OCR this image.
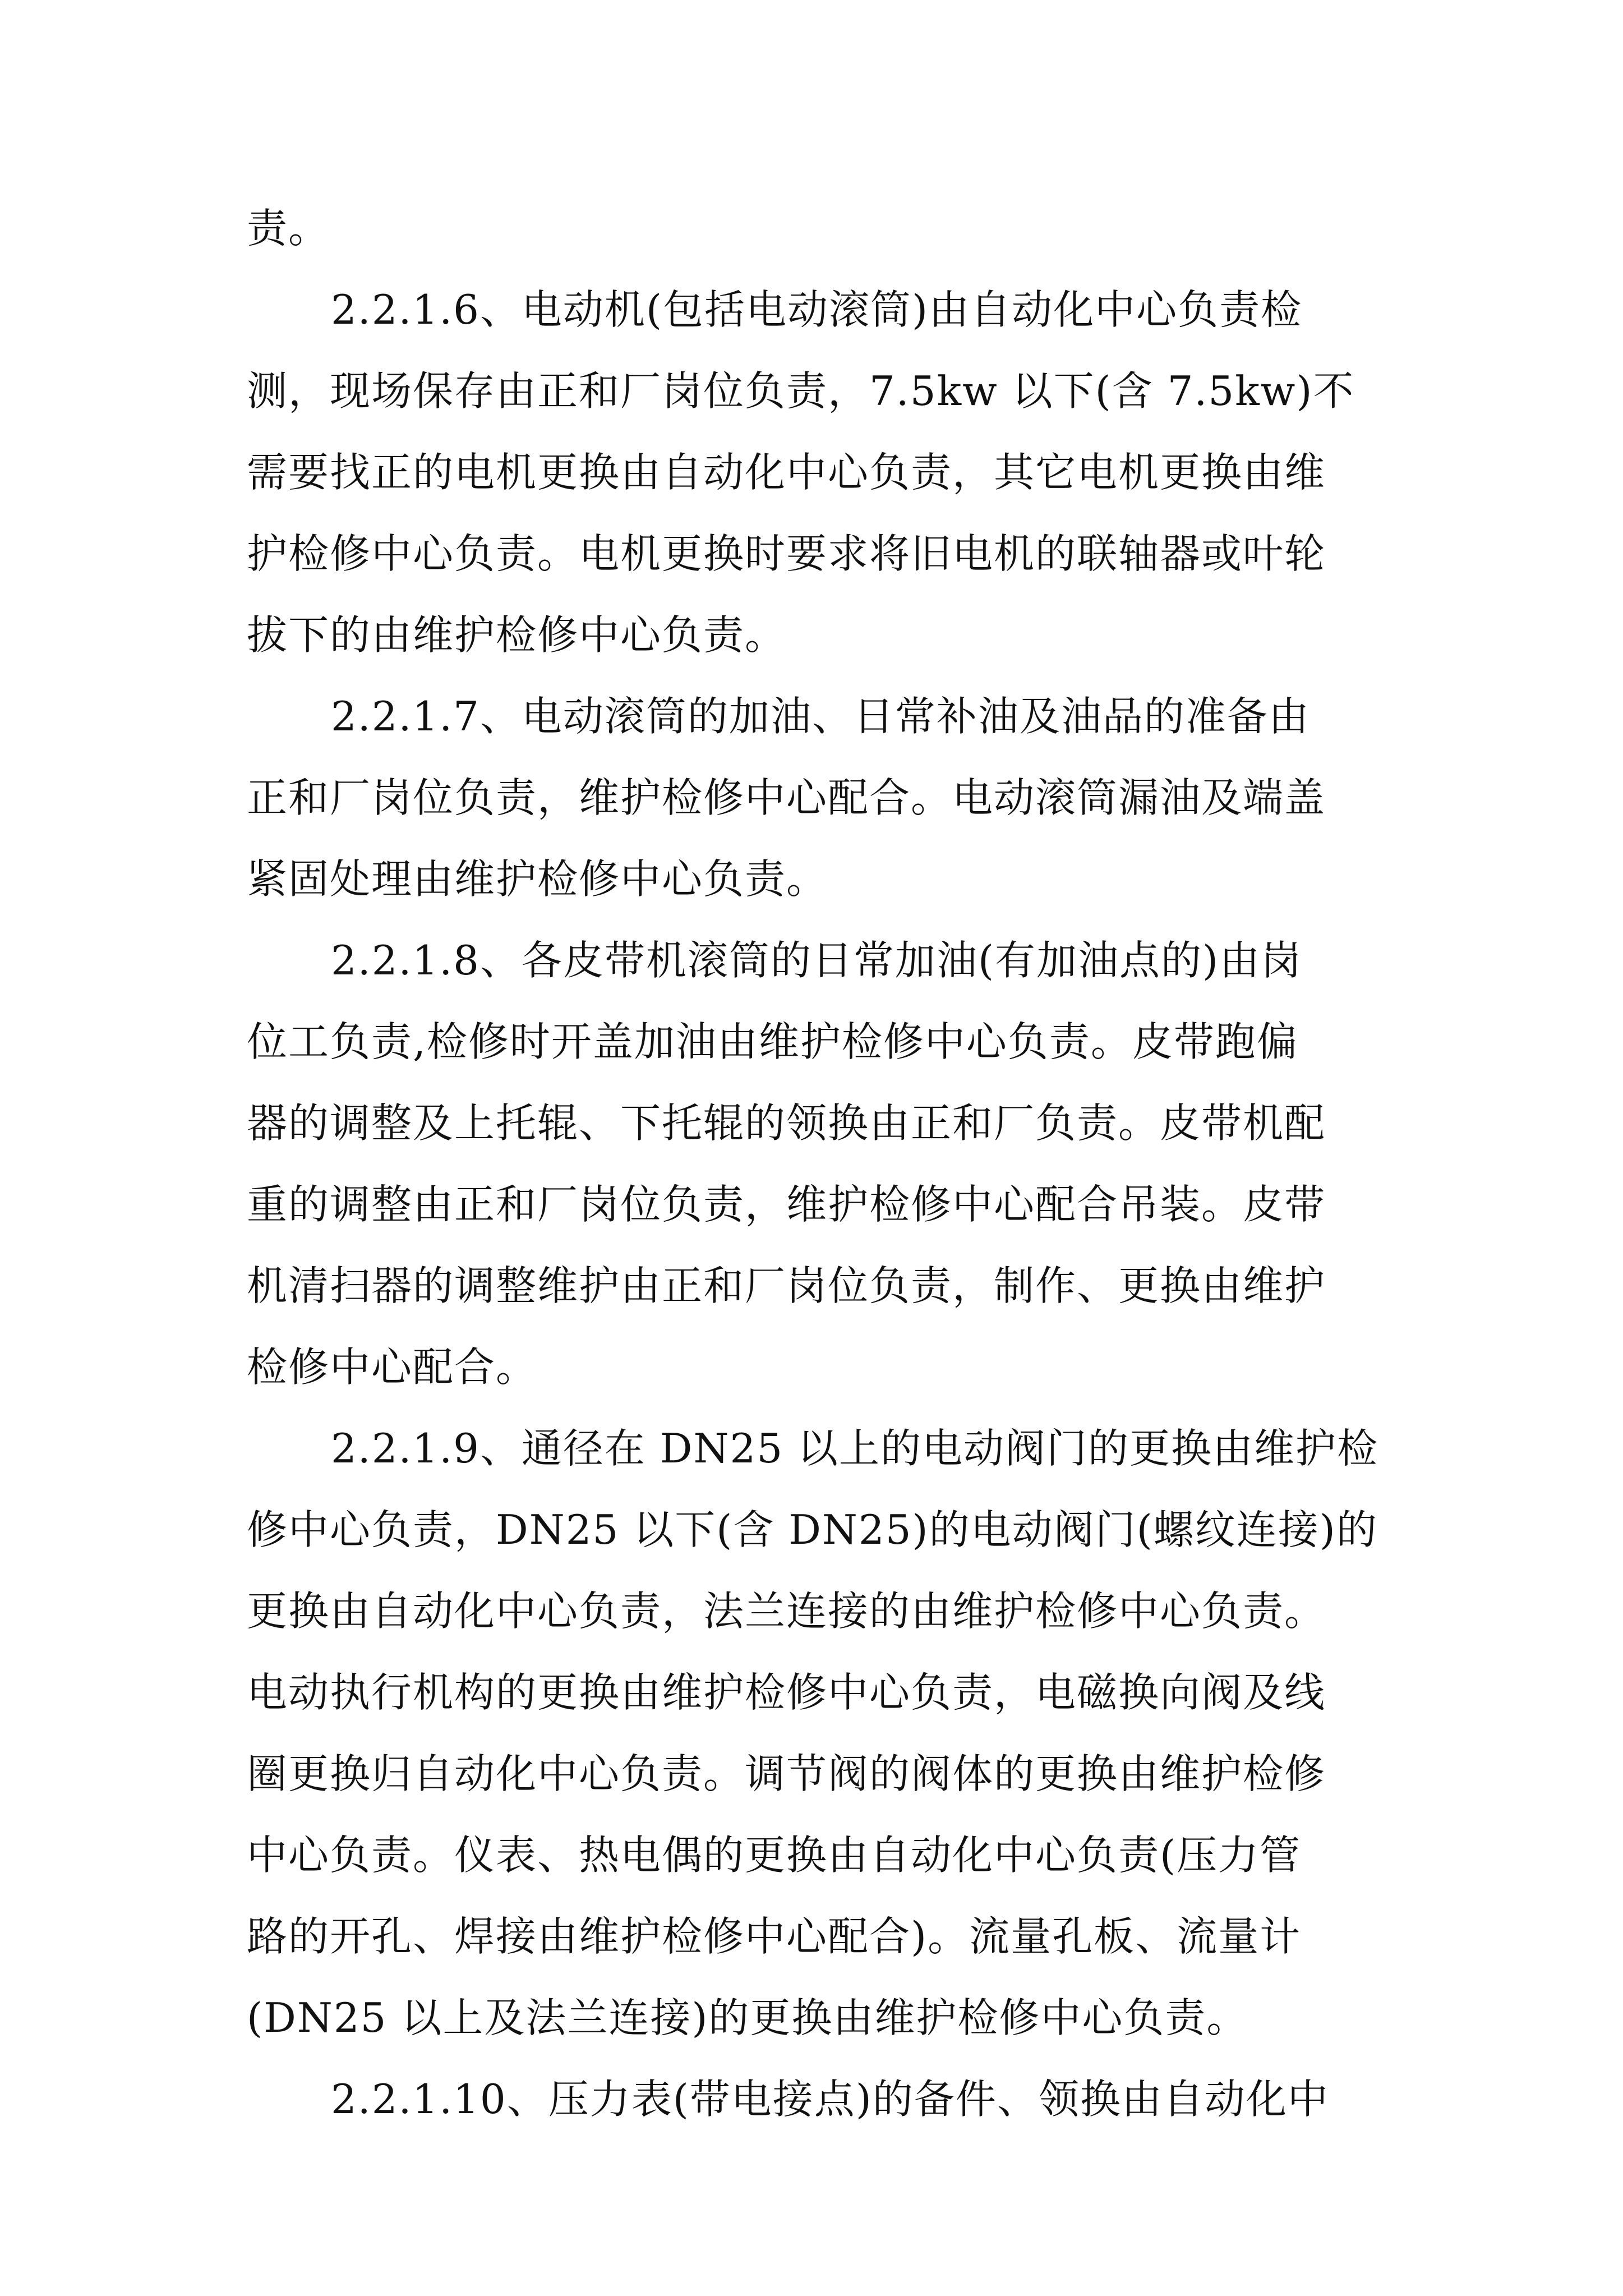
责。
2.2.1.6、电动机(包括电动滚筒)由自动化中心负责检
测，现场保存由正和厂岗位负责，7.5kw 以下(含 7.5kw)不
需要找正的电机更换由自动化中心负责，其它电机更换由维
护检修中心负责。电机更换时要求将旧电机的联轴器或叶轮
拔下的由维护检修中心负责。
2.2.1.7、电动滚筒的加油、日常补油及油品的准备由
正和厂岗位负责，维护检修中心配合。电动滚筒漏油及端盖
紧固处理由维护检修中心负责。
2.2.1.8、各皮带机滚筒的日常加油(有加油点的)由岗
位工负责,检修时开盖加油由维护检修中心负责。皮带跑偏
器的调整及上托辊、下托辊的领换由正和厂负责。皮带机配
重的调整由正和厂岗位负责，维护检修中心配合吊装。皮带
机清扫器的调整维护由正和厂岗位负责，制作、更换由维护
检修中心配合。
2.2.1.9、通径在 DN25 以上的电动阀门的更换由维护检
修中心负责，DN25 以下(含 DN25)的电动阀门(螺纹连接)的
更换由自动化中心负责，法兰连接的由维护检修中心负责。
电动执行机构的更换由维护检修中心负责，电磁换向阀及线
圈更换归自动化中心负责。调节阀的阀体的更换由维护检修
中心负责。仪表、热电偶的更换由自动化中心负责(压力管
路的开孔、焊接由维护检修中心配合)。流量孔板、流量计
(DN25 以上及法兰连接)的更换由维护检修中心负责。
2.2.1.10、压力表(带电接点)的备件、领换由自动化中
